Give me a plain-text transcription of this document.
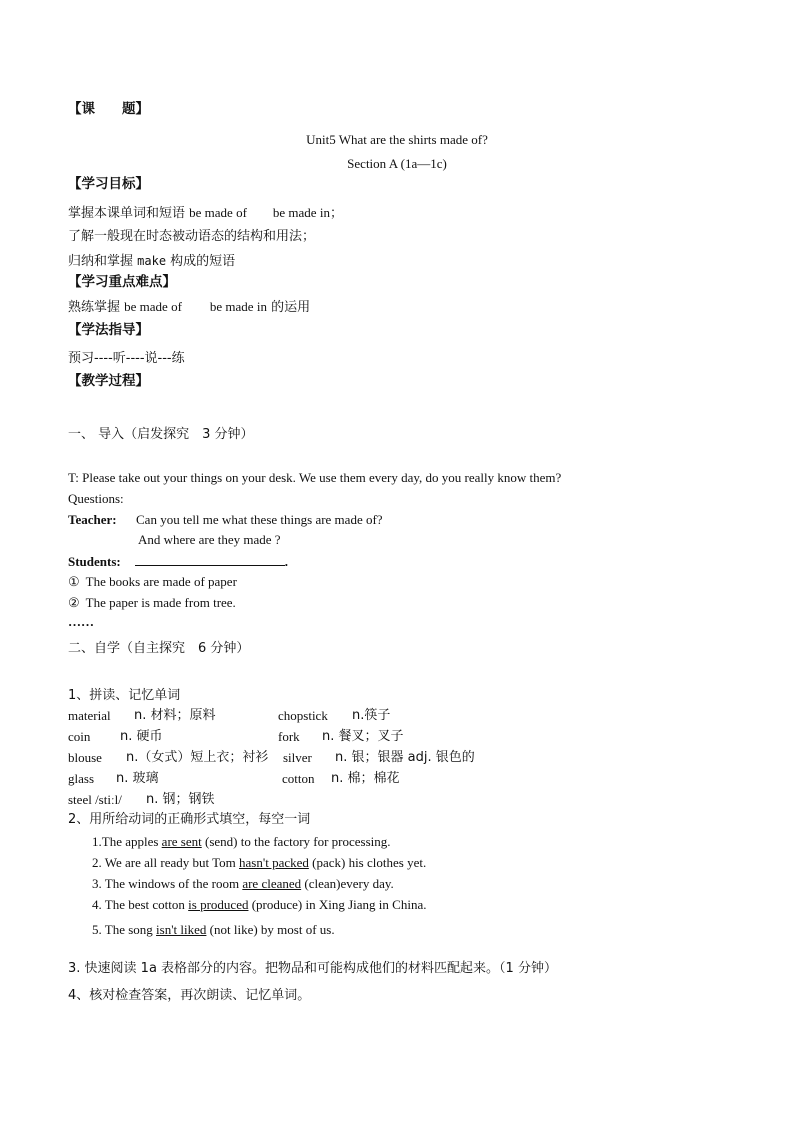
【课　　题】
Unit5 What are the shirts made of?
Section A (1a—1c)
【学习目标】
掌握本课单词和短语 be made of be made in；
了解一般现在时态被动语态的结构和用法；
归纳和掌握 make 构成的短语
【学习重点难点】
熟练掌握 be made of be made in 的运用
【学法指导】
预习----听----说---练
【教学过程】
一、 导入（启发探究　3 分钟）
T: Please take out your things on your desk. We use them every day, do you really know them?
Questions:
Teacher: Can you tell me what these things are made of?
And where are they made ?
Students:	.
① The books are made of paper
② The paper is made from tree.
……
二、自学（自主探究　6 分钟）
1、拼读、记忆单词
material n. 材料；原料	chopstick n.筷子
coin n. 硬币	fork n. 餐叉；叉子
blouse n.（女式）短上衣；衬衫 silver n. 银；银器 adj. 银色的
glass n. 玻璃	cotton n. 棉；棉花
steel /stiːl/ n. 钢；钢铁
2、用所给动词的正确形式填空，每空一词
1.The apples are sent (send) to the factory for processing.
2. We are all ready but Tom hasn't packed (pack) his clothes yet.
3. The windows of the room are cleaned (clean)every day.
4. The best cotton is produced (produce) in Xing Jiang in China.
5. The song isn't liked (not like) by most of us.
3. 快速阅读 1a 表格部分的内容。把物品和可能构成他们的材料匹配起来。（1 分钟）
4、核对检查答案，再次朗读、记忆单词。
